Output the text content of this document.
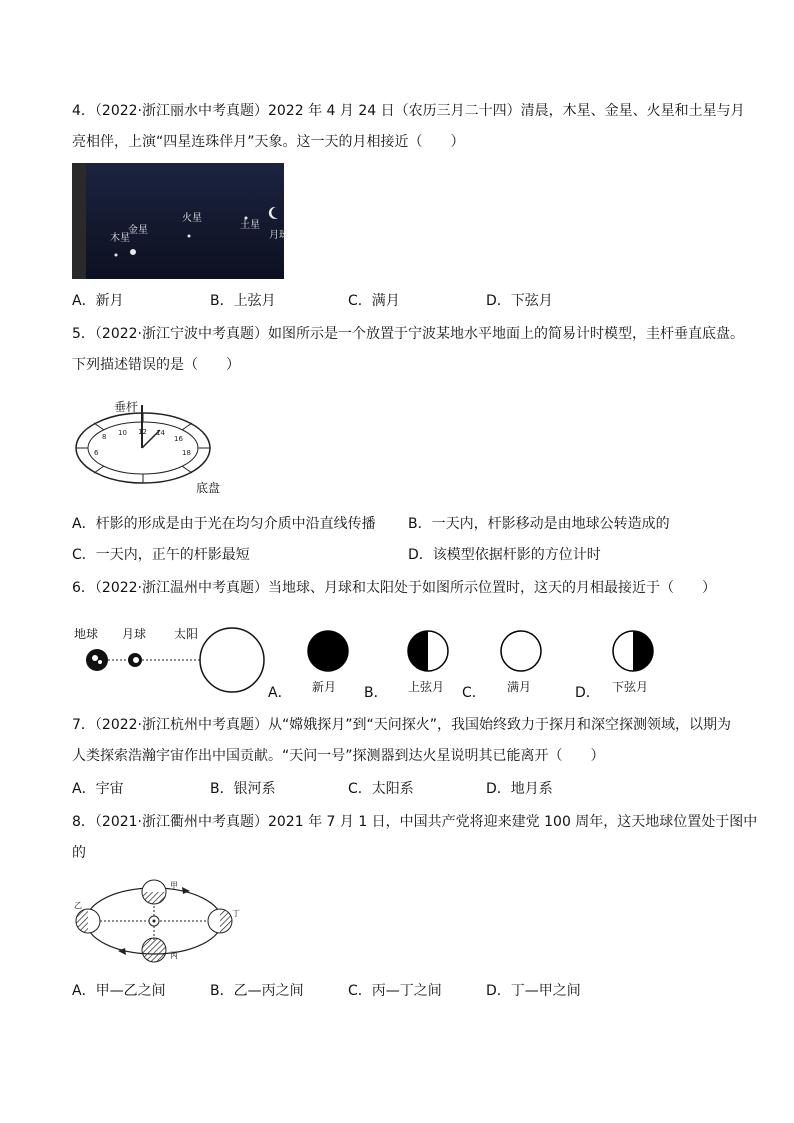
4．（2022·浙江丽水中考真题）2022 年 4 月 24 日（农历三月二十四）清晨，木星、金星、火星和土星与月
亮相伴，上演“四星连珠伴月”天象。这一天的月相接近（　　）
木星
金星
火星
土星
月球
A．新月	B．上弦月	C．满月	D．下弦月
5．（2022·浙江宁波中考真题）如图所示是一个放置于宁波某地水平地面上的简易计时模型，圭杆垂直底盘。
下列描述错误的是（　　）
6
8 10 12 14
16
18
垂杆
底盘
A．杆影的形成是由于光在均匀介质中沿直线传播 B．一天内，杆影移动是由地球公转造成的
C．一天内，正午的杆影最短	D．该模型依据杆影的方位计时
6．（2022·浙江温州中考真题）当地球、月球和太阳处于如图所示位置时，这天的月相最接近于（　　）
地球 月球 太阳
A． 新月 B． 上弦月 C． 满月	D． 下弦月
7．（2022·浙江杭州中考真题）从“嫦娥探月”到“天问探火”，我国始终致力于探月和深空探测领域，以期为
人类探索浩瀚宇宙作出中国贡献。“天问一号”探测器到达火星说明其已能离开（　　）
A．宇宙	B．银河系	C．太阳系	D．地月系
8．（2021·浙江衢州中考真题）2021 年 7 月 1 日，中国共产党将迎来建党 100 周年，这天地球位置处于图中
的
甲
乙
丙
丁
A．甲—乙之间	B．乙—丙之间	C．丙—丁之间	D．丁—甲之间
